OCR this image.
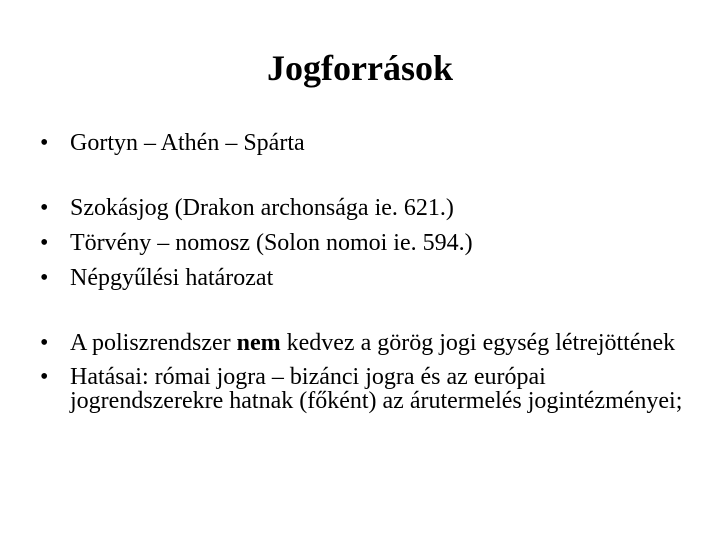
Jogforrások
• Gortyn – Athén – Spárta
• Szokásjog (Drakon archonsága ie. 621.)
• Törvény – nomosz (Solon nomoi ie. 594.)
• Népgyűlési határozat
• A poliszrendszer nem kedvez a görög jogi egység létrejöttének
• Hatásai: római jogra – bizánci jogra és az európai jogrendszerekre hatnak (főként) az árutermelés jogintézményei;
